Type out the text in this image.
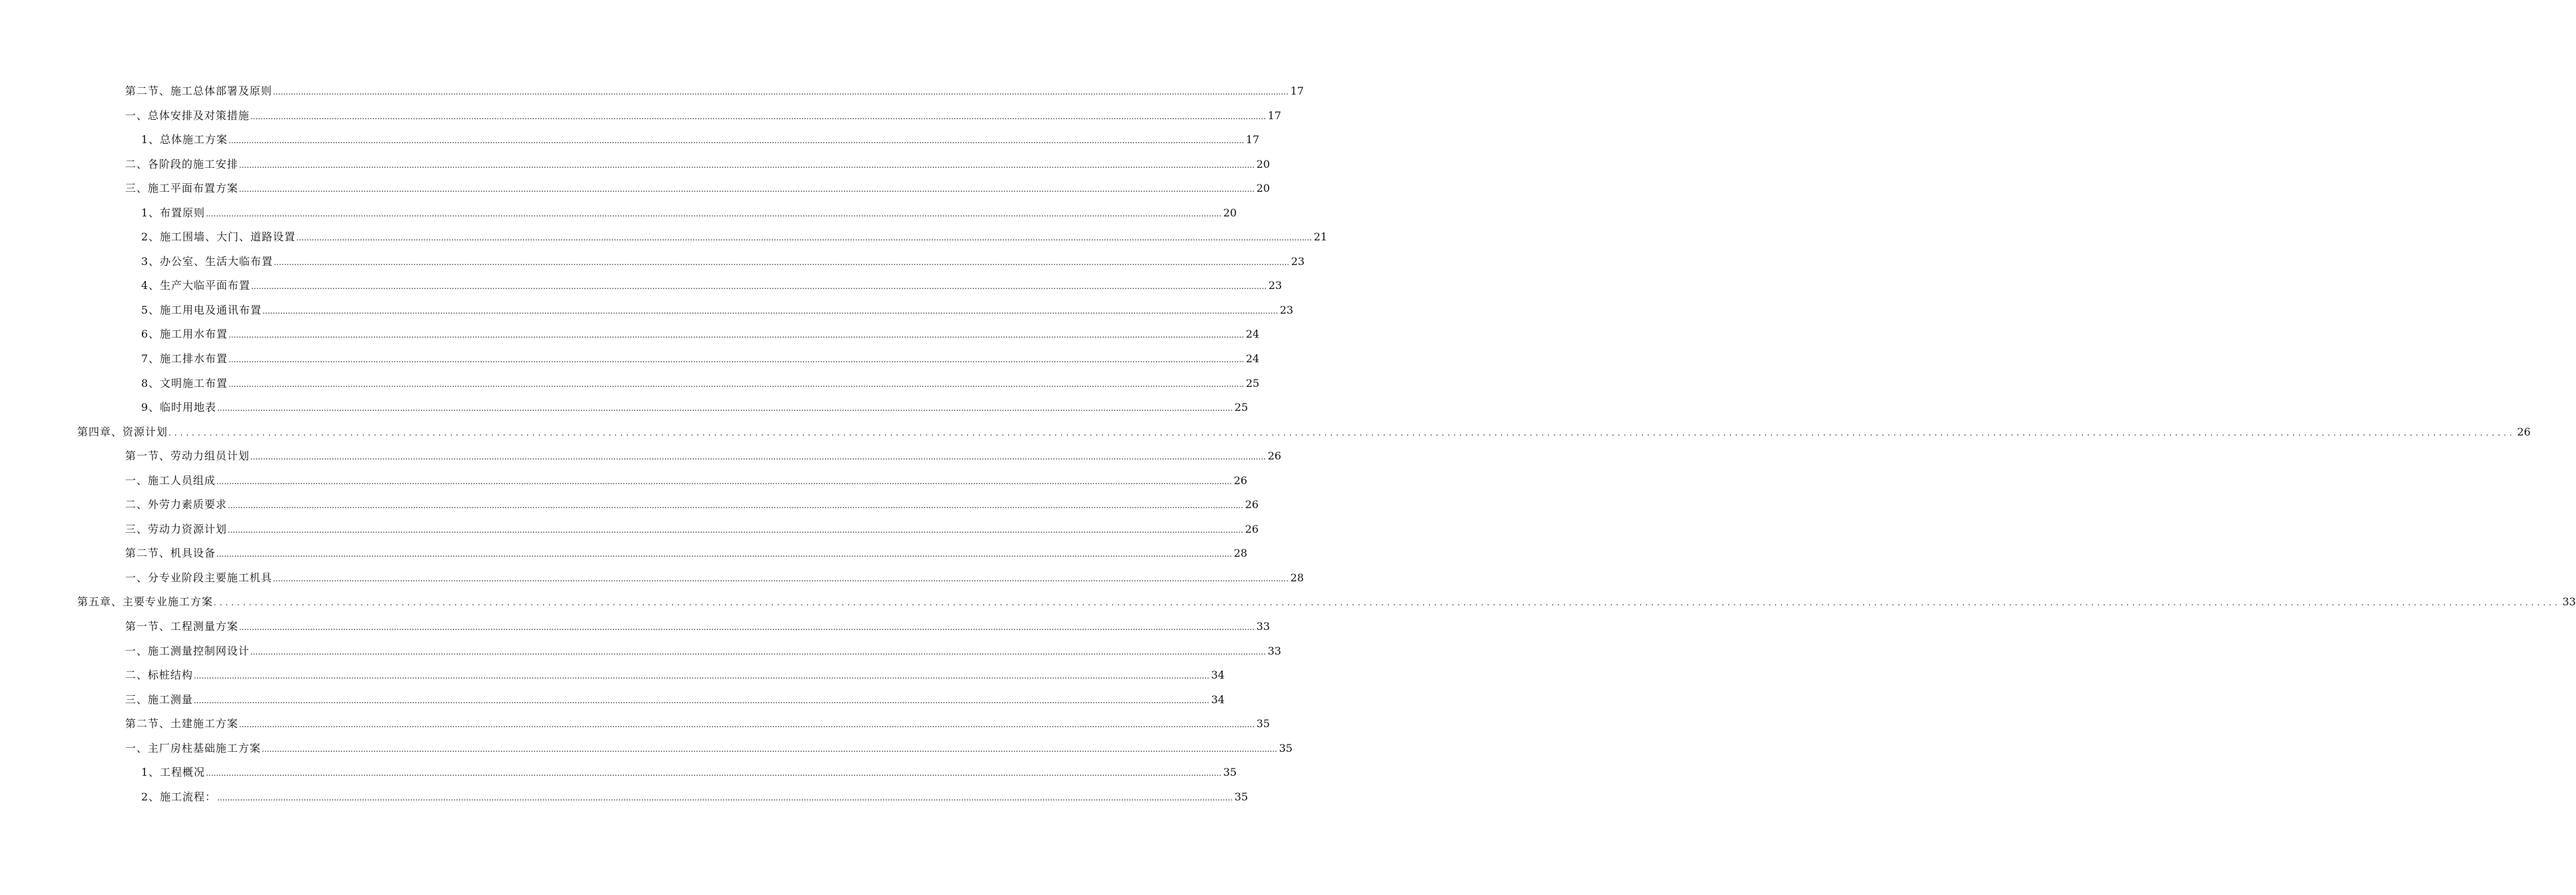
第二节、施工总体部署及原则 ................................................................................................................................................................................................................................................................................................................................................................................................................ 17
一、总体安排及对策措施 ................................................................................................................................................................................................................................................................................................................................................................................................................ 17
1、总体施工方案 ................................................................................................................................................................................................................................................................................................................................................................................................................ 17
二、各阶段的施工安排 ................................................................................................................................................................................................................................................................................................................................................................................................................ 20
三、施工平面布置方案 ................................................................................................................................................................................................................................................................................................................................................................................................................ 20
1、布置原则 ................................................................................................................................................................................................................................................................................................................................................................................................................ 20
2、施工围墙、大门、道路设置 ................................................................................................................................................................................................................................................................................................................................................................................................................ 21
3、办公室、生活大临布置 ................................................................................................................................................................................................................................................................................................................................................................................................................ 23
4、生产大临平面布置 ................................................................................................................................................................................................................................................................................................................................................................................................................ 23
5、施工用电及通讯布置 ................................................................................................................................................................................................................................................................................................................................................................................................................ 23
6、施工用水布置 ................................................................................................................................................................................................................................................................................................................................................................................................................ 24
7、施工排水布置 ................................................................................................................................................................................................................................................................................................................................................................................................................ 24
8、文明施工布置 ................................................................................................................................................................................................................................................................................................................................................................................................................ 25
9、临时用地表 ................................................................................................................................................................................................................................................................................................................................................................................................................ 25
第四章、资源计划 ................................................................................................................................................................................................................................................................................................................................................................................................................ 26
第一节、劳动力组员计划 ................................................................................................................................................................................................................................................................................................................................................................................................................ 26
一、施工人员组成 ................................................................................................................................................................................................................................................................................................................................................................................................................ 26
二、外劳力素质要求 ................................................................................................................................................................................................................................................................................................................................................................................................................ 26
三、劳动力资源计划 ................................................................................................................................................................................................................................................................................................................................................................................................................ 26
第二节、机具设备 ................................................................................................................................................................................................................................................................................................................................................................................................................ 28
一、分专业阶段主要施工机具 ................................................................................................................................................................................................................................................................................................................................................................................................................ 28
第五章、主要专业施工方案 ................................................................................................................................................................................................................................................................................................................................................................................................................ 33
第一节、工程测量方案 ................................................................................................................................................................................................................................................................................................................................................................................................................ 33
一、施工测量控制网设计 ................................................................................................................................................................................................................................................................................................................................................................................................................ 33
二、标桩结构 ................................................................................................................................................................................................................................................................................................................................................................................................................ 34
三、施工测量 ................................................................................................................................................................................................................................................................................................................................................................................................................ 34
第二节、土建施工方案 ................................................................................................................................................................................................................................................................................................................................................................................................................ 35
一、主厂房柱基础施工方案 ................................................................................................................................................................................................................................................................................................................................................................................................................ 35
1、工程概况 ................................................................................................................................................................................................................................................................................................................................................................................................................ 35
2、施工流程： ................................................................................................................................................................................................................................................................................................................................................................................................................ 35
